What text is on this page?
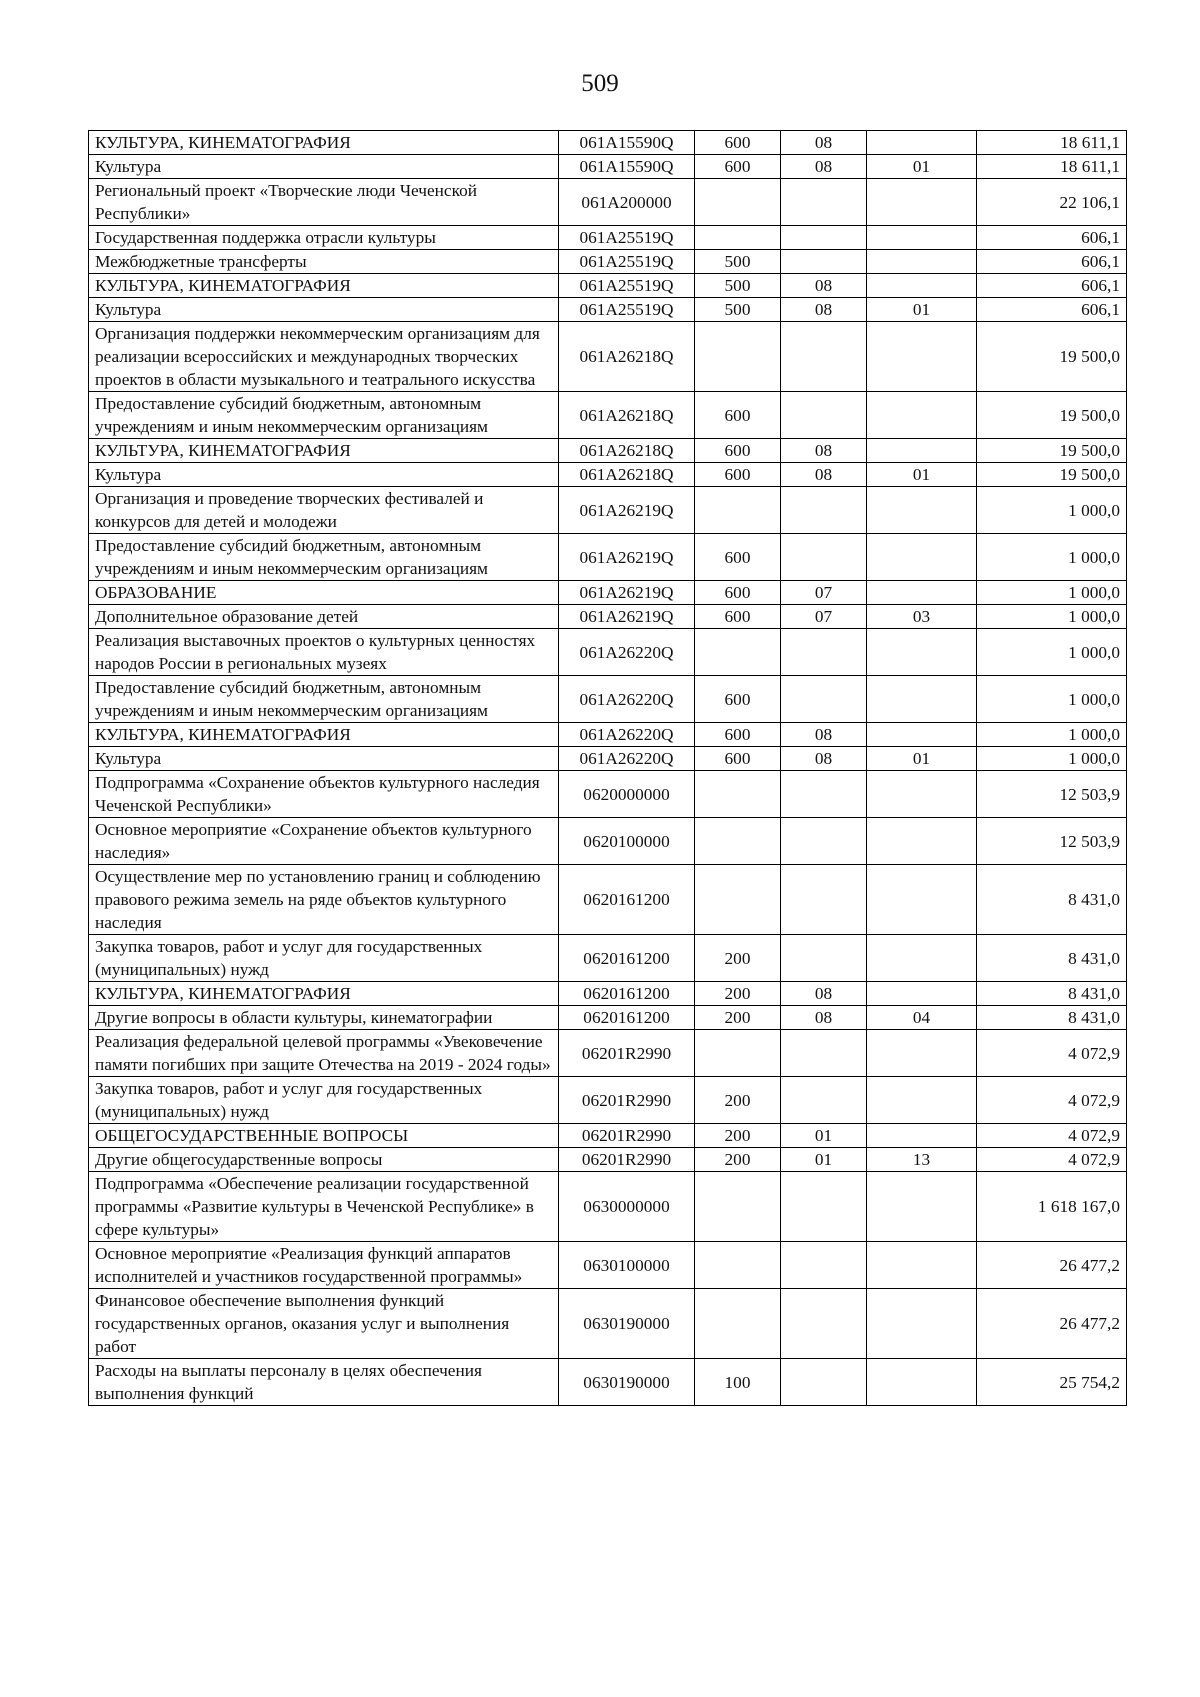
509
КУЛЬТУРА, КИНЕМАТОГРАФИЯ	061A15590Q	600	08		18 611,1
Культура	061A15590Q	600	08	01	18 611,1
Региональный проект «Творческие люди Чеченской Республики»	061A200000				22 106,1
Государственная поддержка отрасли культуры	061A25519Q				606,1
Межбюджетные трансферты	061A25519Q	500			606,1
КУЛЬТУРА, КИНЕМАТОГРАФИЯ	061A25519Q	500	08		606,1
Культура	061A25519Q	500	08	01	606,1
Организация поддержки некоммерческим организациям для реализации всероссийских и международных творческих проектов в области музыкального и театрального искусства	061A26218Q				19 500,0
Предоставление субсидий бюджетным, автономным учреждениям и иным некоммерческим организациям	061A26218Q	600			19 500,0
КУЛЬТУРА, КИНЕМАТОГРАФИЯ	061A26218Q	600	08		19 500,0
Культура	061A26218Q	600	08	01	19 500,0
Организация и проведение творческих фестивалей и конкурсов для детей и молодежи	061A26219Q				1 000,0
Предоставление субсидий бюджетным, автономным учреждениям и иным некоммерческим организациям	061A26219Q	600			1 000,0
ОБРАЗОВАНИЕ	061A26219Q	600	07		1 000,0
Дополнительное образование детей	061A26219Q	600	07	03	1 000,0
Реализация выставочных проектов о культурных ценностях народов России в региональных музеях	061A26220Q				1 000,0
Предоставление субсидий бюджетным, автономным учреждениям и иным некоммерческим организациям	061A26220Q	600			1 000,0
КУЛЬТУРА, КИНЕМАТОГРАФИЯ	061A26220Q	600	08		1 000,0
Культура	061A26220Q	600	08	01	1 000,0
Подпрограмма «Сохранение объектов культурного наследия Чеченской Республики»	0620000000				12 503,9
Основное мероприятие «Сохранение объектов культурного наследия»	0620100000				12 503,9
Осуществление мер по установлению границ и соблюдению правового режима земель на ряде объектов культурного наследия	0620161200				8 431,0
Закупка товаров, работ и услуг для государственных (муниципальных) нужд	0620161200	200			8 431,0
КУЛЬТУРА, КИНЕМАТОГРАФИЯ	0620161200	200	08		8 431,0
Другие вопросы в области культуры, кинематографии	0620161200	200	08	04	8 431,0
Реализация федеральной целевой программы «Увековечение памяти погибших при защите Отечества на 2019 - 2024 годы»	06201R2990				4 072,9
Закупка товаров, работ и услуг для государственных (муниципальных) нужд	06201R2990	200			4 072,9
ОБЩЕГОСУДАРСТВЕННЫЕ ВОПРОСЫ	06201R2990	200	01		4 072,9
Другие общегосударственные вопросы	06201R2990	200	01	13	4 072,9
Подпрограмма «Обеспечение реализации государственной программы «Развитие культуры в Чеченской Республике» в сфере культуры»	0630000000				1 618 167,0
Основное мероприятие «Реализация функций аппаратов исполнителей и участников государственной программы»	0630100000				26 477,2
Финансовое обеспечение выполнения функций государственных органов, оказания услуг и выполнения работ	0630190000				26 477,2
Расходы на выплаты персоналу в целях обеспечения выполнения функций	0630190000	100			25 754,2
